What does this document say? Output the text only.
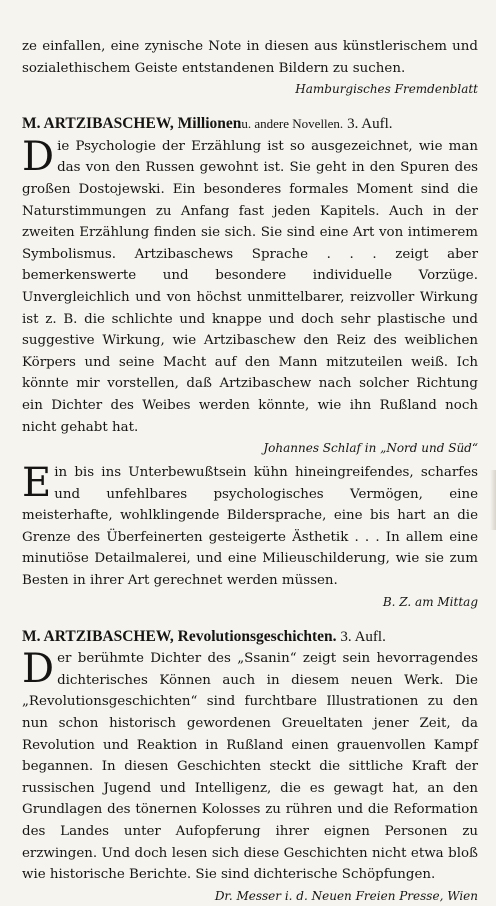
ze einfallen, eine zynische Note in diesen aus künstlerischem und sozialethischem Geiste entstandenen Bildern zu suchen.

Hamburgisches Fremdenblatt

M. ARTZIBASCHEW, Millionenu. andere Novellen. 3. Aufl.
D ie Psychologie der Erzählung ist so ausgezeichnet, wie man das von den Russen gewohnt ist. Sie geht in den Spuren des großen Dostojewski. Ein besonderes formales Moment sind die Naturstimmungen zu Anfang fast jeden Kapitels. Auch in der zweiten Erzählung finden sie sich. Sie sind eine Art von intimerem Symbolismus. Artzibaschews Sprache . . . zeigt aber bemerkenswerte und besondere individuelle Vorzüge. Unvergleichlich und von höchst unmittelbarer, reizvoller Wirkung ist z. B. die schlichte und knappe und doch sehr plastische und suggestive Wirkung, wie Artzibaschew den Reiz des weiblichen Körpers und seine Macht auf den Mann mitzuteilen weiß. Ich könnte mir vorstellen, daß Artzibaschew nach solcher Richtung ein Dichter des Weibes werden könnte, wie ihn Rußland noch nicht gehabt hat.

Johannes Schlaf in „Nord und Süd“

E in bis ins Unterbewußtsein kühn hineingreifendes, scharfes und unfehlbares psychologisches Vermögen, eine meisterhafte, wohlklingende Bildersprache, eine bis hart an die Grenze des Überfeinerten gesteigerte Ästhetik . . . In allem eine minutiöse Detailmalerei, und eine Milieuschilderung, wie sie zum Besten in ihrer Art gerechnet werden müssen.

B. Z. am Mittag

M. ARTZIBASCHEW, Revolutionsgeschichten. 3. Aufl.
D er berühmte Dichter des „Ssanin“ zeigt sein hevorragendes dichterisches Können auch in diesem neuen Werk. Die „Revolutionsgeschichten“ sind furchtbare Illustrationen zu den nun schon historisch gewordenen Greueltaten jener Zeit, da Revolution und Reaktion in Rußland einen grauenvollen Kampf begannen. In diesen Geschichten steckt die sittliche Kraft der russischen Jugend und Intelligenz, die es gewagt hat, an den Grundlagen des tönernen Kolosses zu rühren und die Reformation des Landes unter Aufopferung ihrer eignen Personen zu erzwingen. Und doch lesen sich diese Geschichten nicht etwa bloß wie historische Berichte. Sie sind dichterische Schöpfungen.

Dr. Messer i. d. Neuen Freien Presse, Wien
